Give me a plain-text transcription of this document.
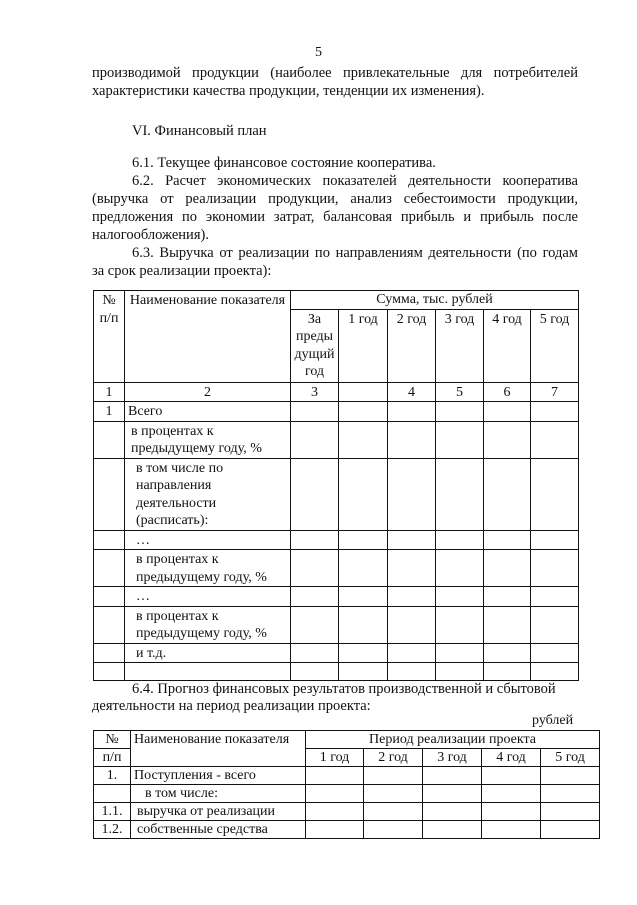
5
производимой продукции (наиболее привлекательные для потребителей
характеристики качества продукции, тенденции их изменения).
VI. Финансовый план
6.1. Текущее финансовое состояние кооператива.
6.2. Расчет экономических показателей деятельности кооператива
(выручка от реализации продукции, анализ себестоимости продукции,
предложения по экономии затрат, балансовая прибыль и прибыль после
налогообложения).
6.3. Выручка от реализации по направлениям деятельности (по годам
за срок реализации проекта):
№ п/п	Наименование показателя	Сумма, тыс. рублей					
		За преды дущий год	1 год	2 год	3 год	4 год	5 год
1	2	3		4	5	6	7
1	Всего						
	в процентах к предыдущему году, %						
	в том числе по направления деятельности (расписать):						
	…						
	в процентах к предыдущему году, %						
	…						
	в процентах к предыдущему году, %						
	и т.д.						

6.4. Прогноз финансовых результатов производственной и сбытовой
деятельности на период реализации проекта:
рублей
№	Наименование показателя	Период реализации проекта				
п/п		1 год	2 год	3 год	4 год	5 год
1.	Поступления - всего					
	в том числе:					
1.1.	выручка от реализации					
1.2.	собственные средства					
